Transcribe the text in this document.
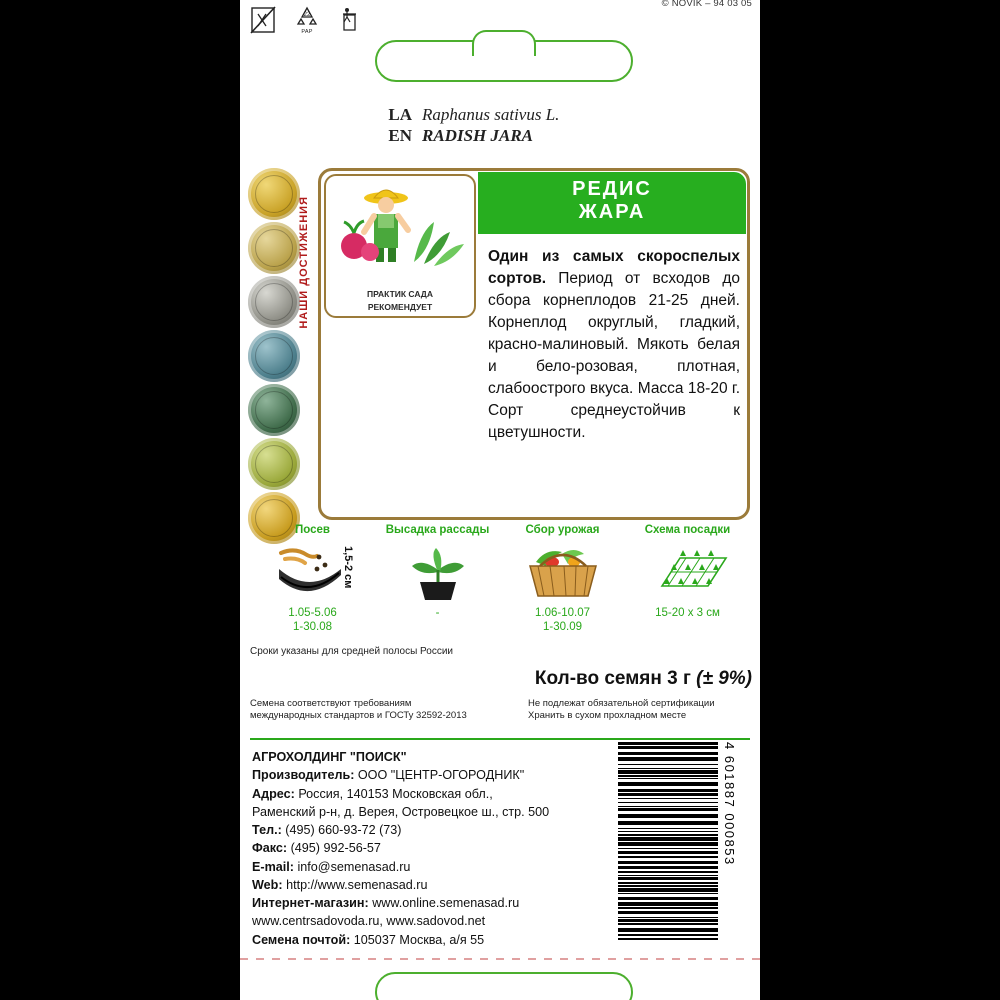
© NOVIK – 94 03 05
22
PAP
LA Raphanus sativus L.
EN RADISH JARA
НАШИ ДОСТИЖЕНИЯ
РЕДИС
ЖАРА
ПРАКТИК САДА
РЕКОМЕНДУЕТ
Один из самых скороспелых сортов. Период от всходов до сбора корнеплодов 21-25 дней. Корнеплод округлый, гладкий, красно-малиновый. Мякоть белая и бело-розовая, плотная, слабоострого вкуса. Масса 18-20 г. Сорт среднеустойчив к цветушности.
Посев
1,5-2 см
1.05-5.06
1-30.08
Высадка рассады
-
Сбор урожая
1.06-10.07
1-30.09
Схема посадки
15-20 х 3 см
Сроки указаны для средней полосы России
Кол-во семян 3 г (± 9%)
Семена соответствуют требованиям международных стандартов и ГОСТу 32592-2013
Не подлежат обязательной сертификации
Хранить в сухом прохладном месте
АГРОХОЛДИНГ "ПОИСК"
Производитель: ООО "ЦЕНТР-ОГОРОДНИК"
Адрес: Россия, 140153 Московская обл.,
Раменский р-н, д. Верея, Островецкое ш., стр. 500
Тел.: (495) 660-93-72 (73)
Факс: (495) 992-56-57
E-mail: info@semenasad.ru
Web: http://www.semenasad.ru
Интернет-магазин: www.online.semenasad.ru
www.centrsadovoda.ru, www.sadovod.net
Семена почтой: 105037 Москва, а/я 55
4 601887 000853
